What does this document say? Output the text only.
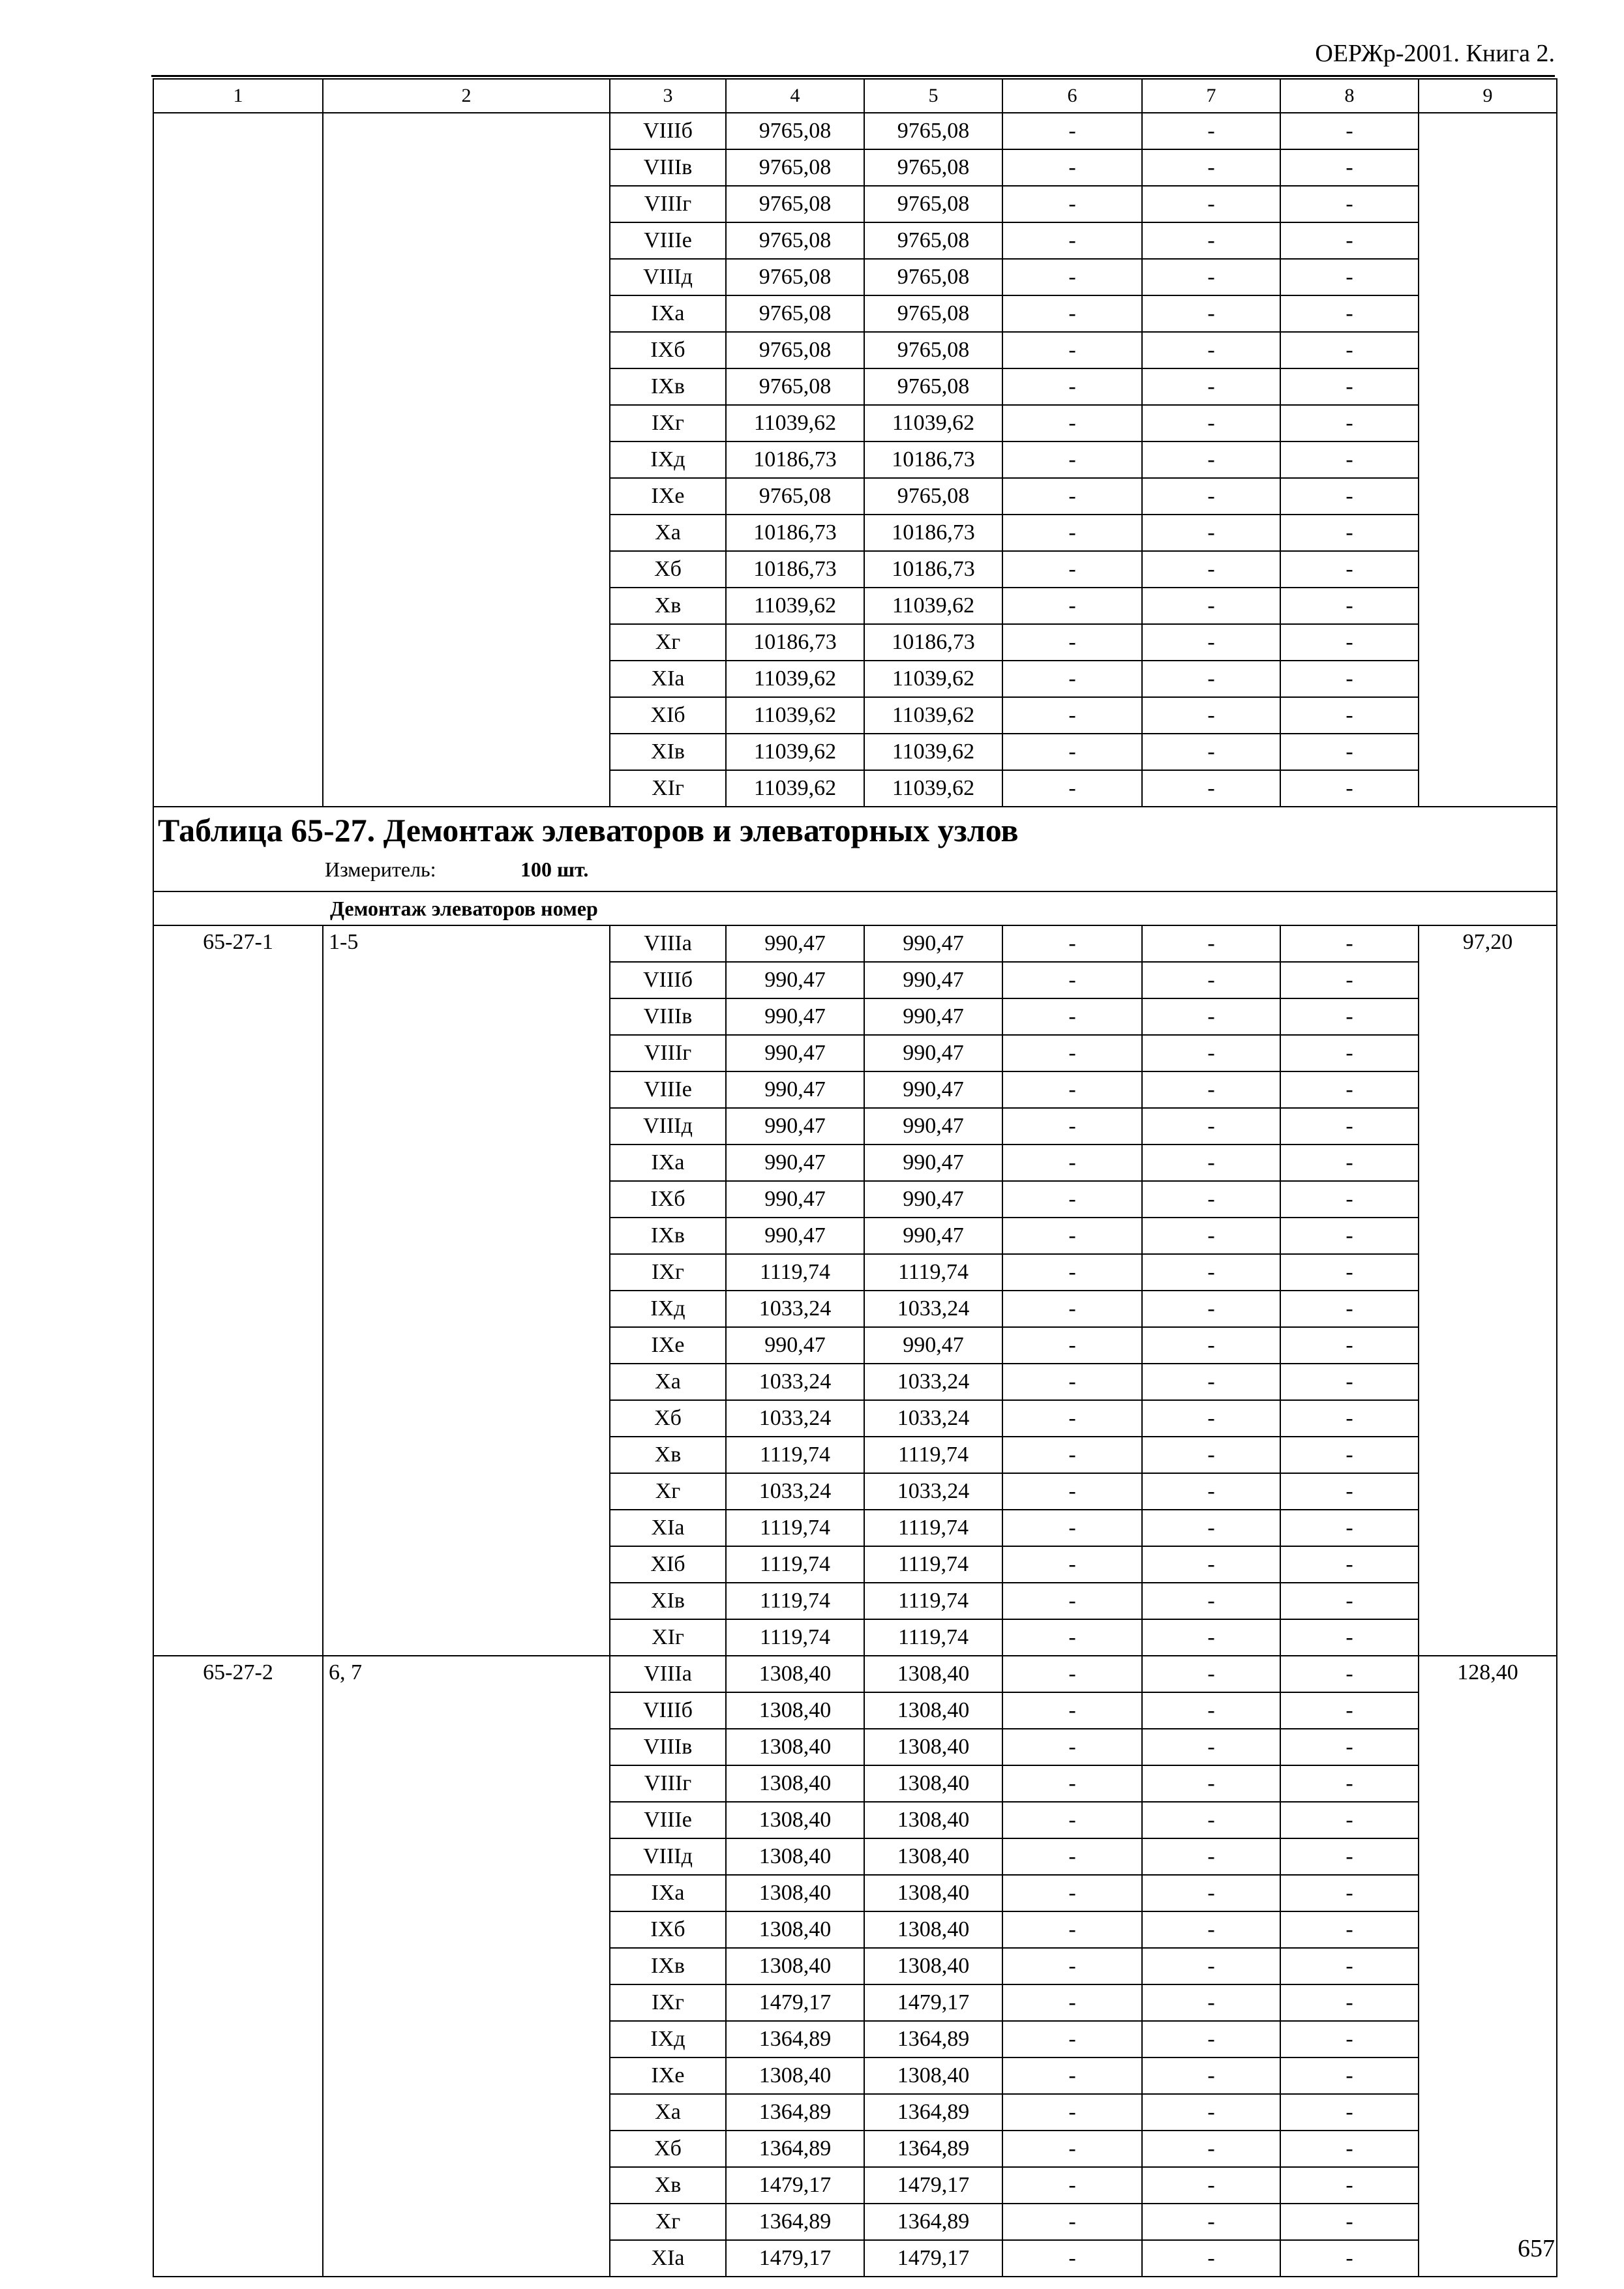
ОЕРЖр-2001. Книга 2.
1	2	3	4	5	6	7	8	9
		VIIIб	9765,08	9765,08	-	-	-	
		VIIIв	9765,08	9765,08	-	-	-	
		VIIIг	9765,08	9765,08	-	-	-	
		VIIIе	9765,08	9765,08	-	-	-	
		VIIIд	9765,08	9765,08	-	-	-	
		IXа	9765,08	9765,08	-	-	-	
		IXб	9765,08	9765,08	-	-	-	
		IXв	9765,08	9765,08	-	-	-	
		IXг	11039,62	11039,62	-	-	-	
		IXд	10186,73	10186,73	-	-	-	
		IXе	9765,08	9765,08	-	-	-	
		Xа	10186,73	10186,73	-	-	-	
		Xб	10186,73	10186,73	-	-	-	
		Xв	11039,62	11039,62	-	-	-	
		Xг	10186,73	10186,73	-	-	-	
		XIа	11039,62	11039,62	-	-	-	
		XIб	11039,62	11039,62	-	-	-	
		XIв	11039,62	11039,62	-	-	-	
		XIг	11039,62	11039,62	-	-	-	

Таблица 65-27. Демонтаж элеваторов и элеваторных узлов
Измеритель: 100 шт.								

Демонтаж элеваторов номер								
65-27-1	1-5	VIIIа	990,47	990,47	-	-	-	97,20
		VIIIб	990,47	990,47	-	-	-	
		VIIIв	990,47	990,47	-	-	-	
		VIIIг	990,47	990,47	-	-	-	
		VIIIе	990,47	990,47	-	-	-	
		VIIIд	990,47	990,47	-	-	-	
		IXа	990,47	990,47	-	-	-	
		IXб	990,47	990,47	-	-	-	
		IXв	990,47	990,47	-	-	-	
		IXг	1119,74	1119,74	-	-	-	
		IXд	1033,24	1033,24	-	-	-	
		IXе	990,47	990,47	-	-	-	
		Xа	1033,24	1033,24	-	-	-	
		Xб	1033,24	1033,24	-	-	-	
		Xв	1119,74	1119,74	-	-	-	
		Xг	1033,24	1033,24	-	-	-	
		XIа	1119,74	1119,74	-	-	-	
		XIб	1119,74	1119,74	-	-	-	
		XIв	1119,74	1119,74	-	-	-	
		XIг	1119,74	1119,74	-	-	-	
65-27-2	6, 7	VIIIа	1308,40	1308,40	-	-	-	128,40
		VIIIб	1308,40	1308,40	-	-	-	
		VIIIв	1308,40	1308,40	-	-	-	
		VIIIг	1308,40	1308,40	-	-	-	
		VIIIе	1308,40	1308,40	-	-	-	
		VIIIд	1308,40	1308,40	-	-	-	
		IXа	1308,40	1308,40	-	-	-	
		IXб	1308,40	1308,40	-	-	-	
		IXв	1308,40	1308,40	-	-	-	
		IXг	1479,17	1479,17	-	-	-	
		IXд	1364,89	1364,89	-	-	-	
		IXе	1308,40	1308,40	-	-	-	
		Xа	1364,89	1364,89	-	-	-	
		Xб	1364,89	1364,89	-	-	-	
		Xв	1479,17	1479,17	-	-	-	
		Xг	1364,89	1364,89	-	-	-	
		XIа	1479,17	1479,17	-	-	-		657
